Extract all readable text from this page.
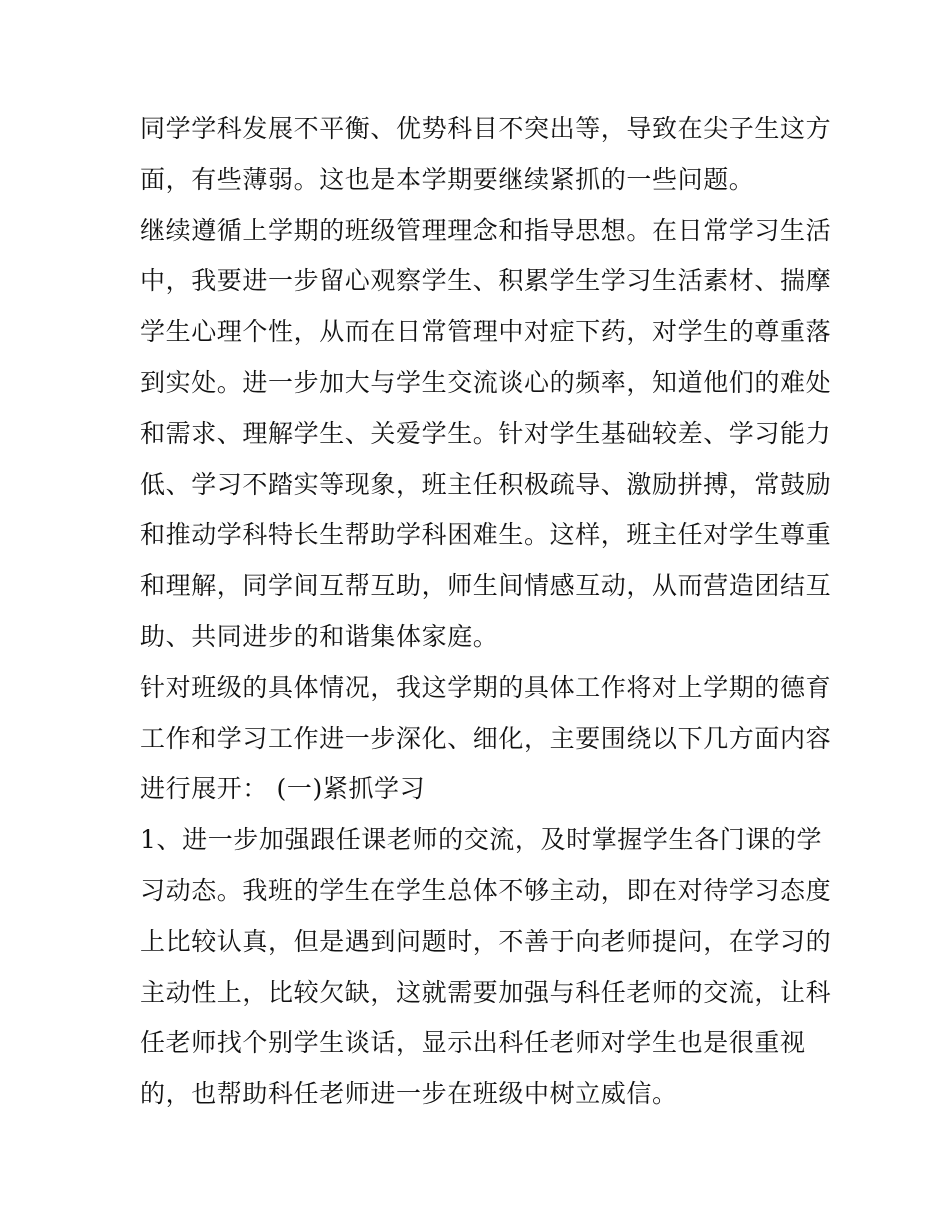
同学学科发展不平衡、优势科目不突出等，导致在尖子生这方
面，有些薄弱。这也是本学期要继续紧抓的一些问题。

继续遵循上学期的班级管理理念和指导思想。在日常学习生活
中，我要进一步留心观察学生、积累学生学习生活素材、揣摩
学生心理个性，从而在日常管理中对症下药，对学生的尊重落
到实处。进一步加大与学生交流谈心的频率，知道他们的难处
和需求、理解学生、关爱学生。针对学生基础较差、学习能力
低、学习不踏实等现象，班主任积极疏导、激励拼搏，常鼓励
和推动学科特长生帮助学科困难生。这样，班主任对学生尊重
和理解，同学间互帮互助，师生间情感互动，从而营造团结互
助、共同进步的和谐集体家庭。

针对班级的具体情况，我这学期的具体工作将对上学期的德育
工作和学习工作进一步深化、细化，主要围绕以下几方面内容
进行展开： (一)紧抓学习

1、进一步加强跟任课老师的交流，及时掌握学生各门课的学
习动态。我班的学生在学生总体不够主动，即在对待学习态度
上比较认真，但是遇到问题时，不善于向老师提问，在学习的
主动性上，比较欠缺，这就需要加强与科任老师的交流，让科
任老师找个别学生谈话，显示出科任老师对学生也是很重视
的，也帮助科任老师进一步在班级中树立威信。
